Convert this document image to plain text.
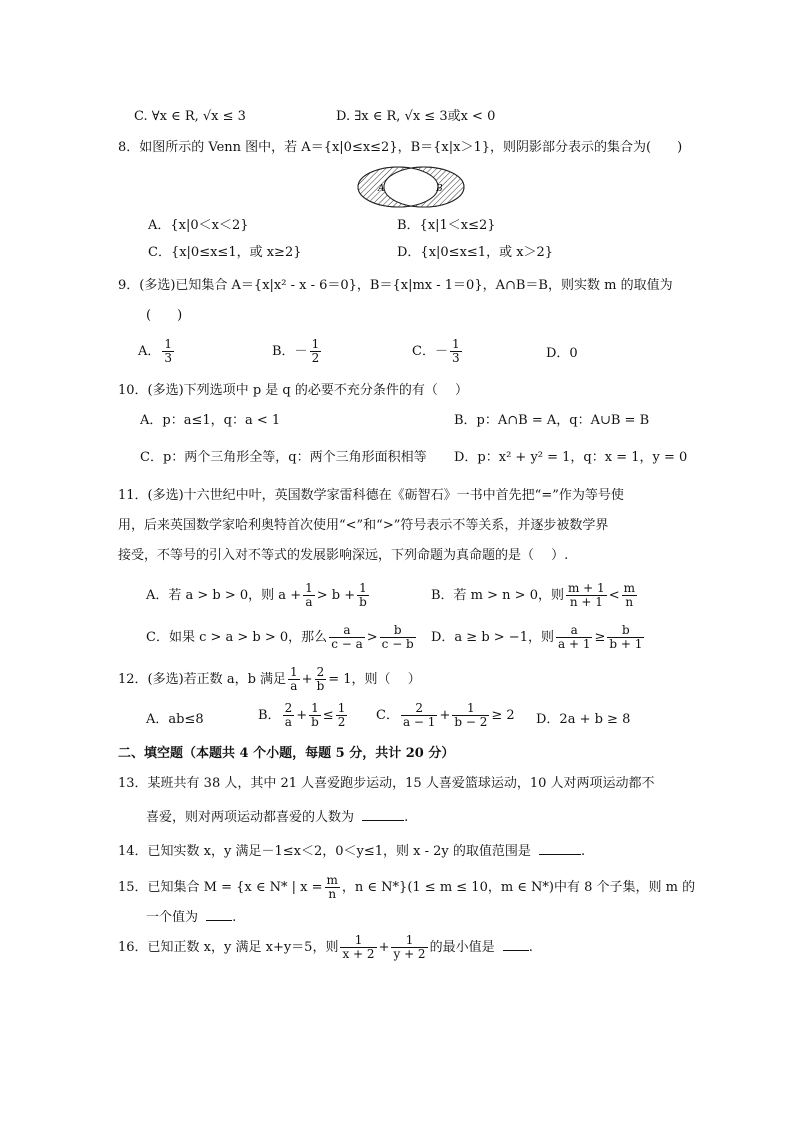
C. ∀x ∈ R, √x ≤ 3	D. ∃x ∈ R, √x ≤ 3或x < 0
8．如图所示的 Venn 图中，若 A＝{x|0≤x≤2}，B＝{x|x＞1}，则阴影部分表示的集合为(　　)
A	B
A．{x|0＜x＜2}	B．{x|1＜x≤2}
C．{x|0≤x≤1，或 x≥2}	D．{x|0≤x≤1，或 x＞2}
9．(多选)已知集合 A＝{x|x² - x - 6＝0}，B＝{x|mx - 1＝0}，A∩B＝B，则实数 m 的取值为
(　　)
A． $\frac{1}{3}$	B．－ $\frac{1}{2}$	C．－ $\frac{1}{3}$	D．0
10．(多选)下列选项中 p 是 q 的必要不充分条件的有（　 ）
A．p：a≤1，q：a < 1	B．p：A∩B = A，q：A∪B = B
C．p：两个三角形全等，q：两个三角形面积相等 D．p：x² + y² = 1，q：x = 1，y = 0
11．(多选)十六世纪中叶，英国数学家雷科德在《砺智石》一书中首先把“=”作为等号使
用，后来英国数学家哈利奥特首次使用“<”和“>”符号表示不等关系，并逐步被数学界
接受，不等号的引入对不等式的发展影响深远，下列命题为真命题的是（　 ）.
A．若 a > b > 0，则 $a + \frac{1}{a} > b + \frac{1}{b}$	B．若 m > n > 0，则 $\frac{m + 1}{n + 1} < \frac{m}{n}$
C．如果 c > a > b > 0，那么 $\frac{a}{c - a} > \frac{b}{c - b}$ D．a ≥ b > −1，则 $\frac{a}{a + 1} \ge \frac{b}{b + 1}$
12．(多选)若正数 a，b 满足 $\frac{1}{a} + \frac{2}{b} = 1$，则（　 ）
A．ab≤8	B． $\frac{2}{a} + \frac{1}{b} \le \frac{1}{2}$ C． $\frac{2}{a - 1} + \frac{1}{b - 2} \ge 2$ D．2a + b ≥ 8
二、填空题（本题共 4 个小题，每题 5 分，共计 20 分）
13．某班共有 38 人，其中 21 人喜爱跑步运动，15 人喜爱篮球运动，10 人对两项运动都不
喜爱，则对两项运动都喜爱的人数为	.
14．已知实数 x，y 满足－1≤x＜2，0＜y≤1，则 x - 2y 的取值范围是	.
15．已知集合 M = {x ∈ N* | $x = \frac{m}{n}$ ，n ∈ N*}(1 ≤ m ≤ 10，m ∈ N*)中有 8 个子集，则 m 的
一个值为	.
16．已知正数 x，y 满足 x+y＝5，则 $\frac{1}{x + 2} + \frac{1}{y + 2}$ 的最小值是	.
